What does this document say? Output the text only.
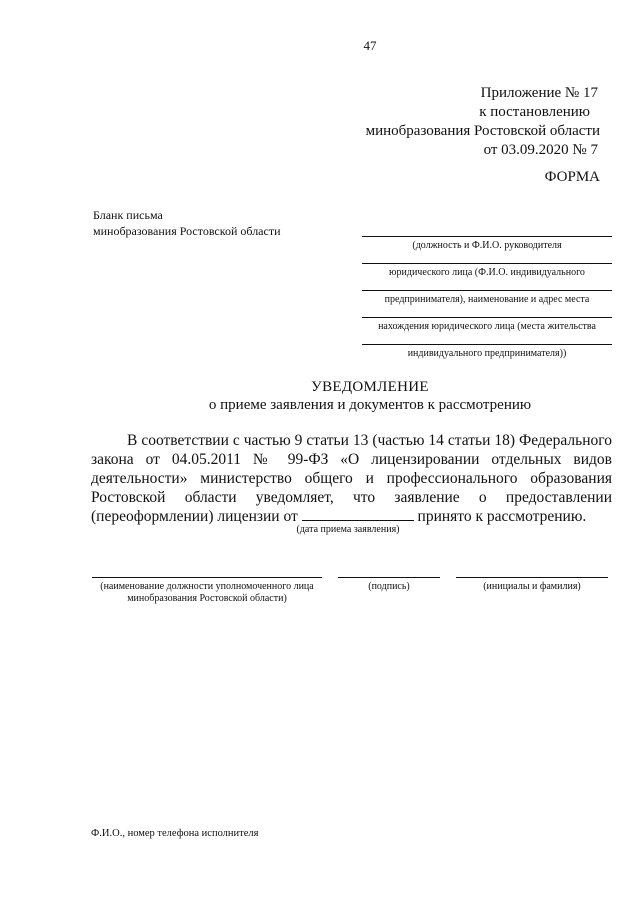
47
Приложение № 17
к постановлению
минобразования Ростовской области
от 03.09.2020 № 7
ФОРМА
Бланк письма
минобразования Ростовской области
(должность и Ф.И.О. руководителя
юридического лица (Ф.И.О. индивидуального
предпринимателя), наименование и адрес места
нахождения юридического лица (места жительства
индивидуального предпринимателя))
УВЕДОМЛЕНИЕ
о приеме заявления и документов к рассмотрению
В соответствии с частью 9 статьи 13 (частью 14 статьи 18) Федерального закона от 04.05.2011 № 99-ФЗ «О лицензировании отдельных видов деятельности» министерство общего и профессионального образования Ростовской области уведомляет, что заявление о предоставлении (переоформлении) лицензии от	принято к рассмотрению.
(дата приема заявления)
(наименование должности уполномоченного лица
минобразования Ростовской области)
(подпись)	(инициалы и фамилия)
Ф.И.О., номер телефона исполнителя
